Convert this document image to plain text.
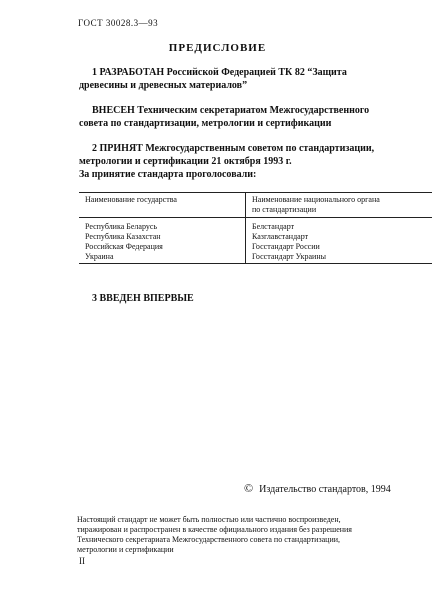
ГОСТ 30028.3—93
ПРЕДИСЛОВИЕ
1 РАЗРАБОТАН Российской Федерацией ТК 82 “Защита
древесины и древесных материалов”
ВНЕСЕН Техническим секретариатом Межгосударственного
совета по стандартизации, метрологии и сертификации
2 ПРИНЯТ Межгосударственным советом по стандартизации,
метрологии и сертификации 21 октября 1993 г.
За принятие стандарта проголосовали:
Наименование государства	Наименование национального органа
по стандартизации

Республика Беларусь	Белстандарт
Республика Казахстан	Казглавстандарт
Российская Федерация	Госстандарт России
Украина	Госстандарт Украины
3 ВВЕДЕН ВПЕРВЫЕ
© Издательство стандартов, 1994
Настоящий стандарт не может быть полностью или частично воспроизведен,
тиражирован и распространен в качестве официального издания без разрешения
Технического секретариата Межгосударственного совета по стандартизации,
метрологии и сертификации
II
